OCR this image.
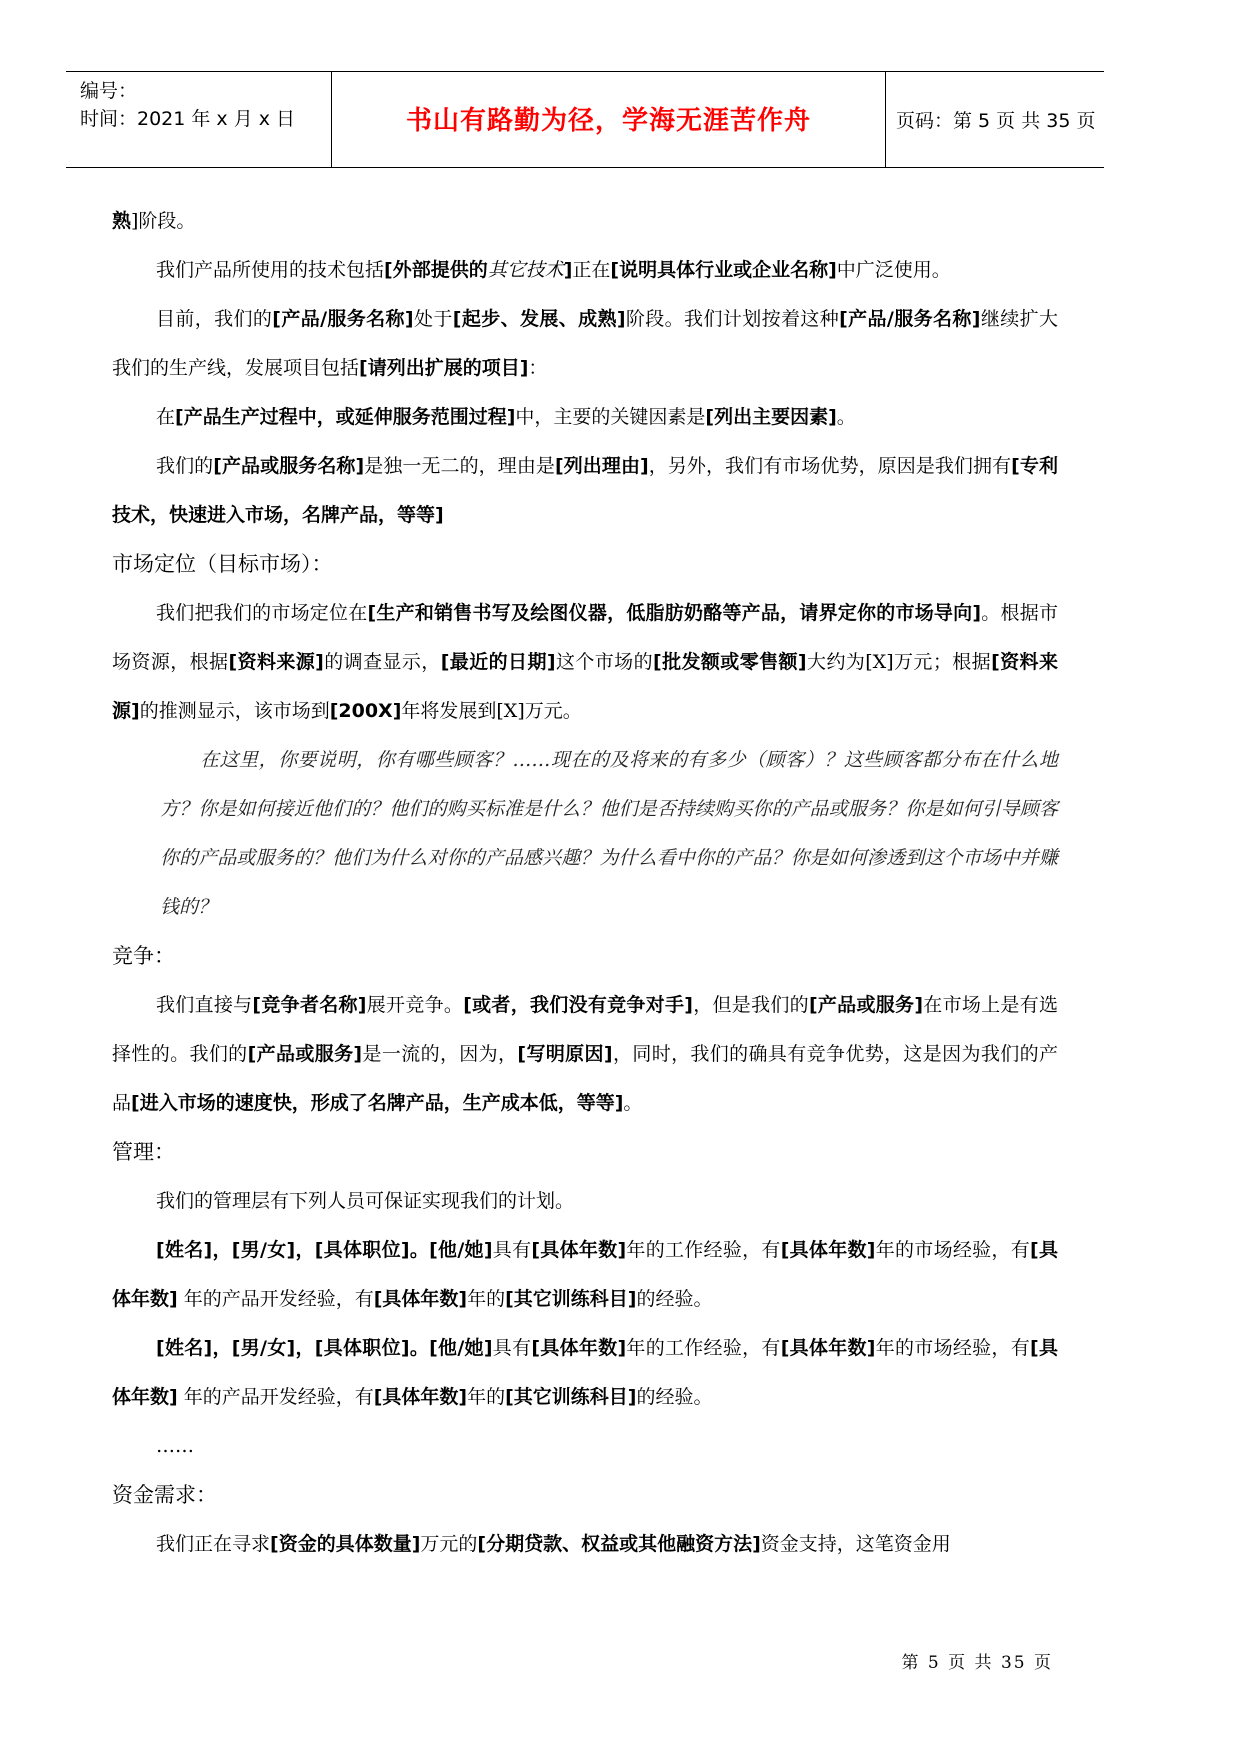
编号：
时间：2021 年 x 月 x 日	书山有路勤为径，学海无涯苦作舟	页码：第 5 页 共 35 页

熟]阶段。

我们产品所使用的技术包括[外部提供的其它技术]正在[说明具体行业或企业名称]中广泛使用。

目前，我们的[产品/服务名称]处于[起步、发展、成熟]阶段。我们计划按着这种[产品/服务名称]继续扩大我们的生产线，发展项目包括[请列出扩展的项目]：

在[产品生产过程中，或延伸服务范围过程]中，主要的关键因素是[列出主要因素]。

我们的[产品或服务名称]是独一无二的，理由是[列出理由]，另外，我们有市场优势，原因是我们拥有[专利技术，快速进入市场，名牌产品，等等]

市场定位（目标市场）：

我们把我们的市场定位在[生产和销售书写及绘图仪器，低脂肪奶酪等产品，请界定你的市场导向]。根据市场资源，根据[资料来源]的调查显示，[最近的日期]这个市场的[批发额或零售额]大约为[X]万元；根据[资料来源]的推测显示，该市场到[200X]年将发展到[X]万元。

在这里，你要说明，你有哪些顾客？……现在的及将来的有多少（顾客）？这些顾客都分布在什么地方？你是如何接近他们的？他们的购买标准是什么？他们是否持续购买你的产品或服务？你是如何引导顾客你的产品或服务的？他们为什么对你的产品感兴趣？为什么看中你的产品？你是如何渗透到这个市场中并赚钱的？

竞争：

我们直接与[竞争者名称]展开竞争。[或者，我们没有竞争对手]，但是我们的[产品或服务]在市场上是有选择性的。我们的[产品或服务]是一流的，因为，[写明原因]，同时，我们的确具有竞争优势，这是因为我们的产品[进入市场的速度快，形成了名牌产品，生产成本低，等等]。

管理：

我们的管理层有下列人员可保证实现我们的计划。

[姓名]，[男/女]，[具体职位]。[他/她]具有[具体年数]年的工作经验，有[具体年数]年的市场经验，有[具体年数] 年的产品开发经验，有[具体年数]年的[其它训练科目]的经验。

[姓名]，[男/女]，[具体职位]。[他/她]具有[具体年数]年的工作经验，有[具体年数]年的市场经验，有[具体年数] 年的产品开发经验，有[具体年数]年的[其它训练科目]的经验。

……

资金需求：

我们正在寻求[资金的具体数量]万元的[分期贷款、权益或其他融资方法]资金支持，这笔资金用

第 5 页 共 35 页
